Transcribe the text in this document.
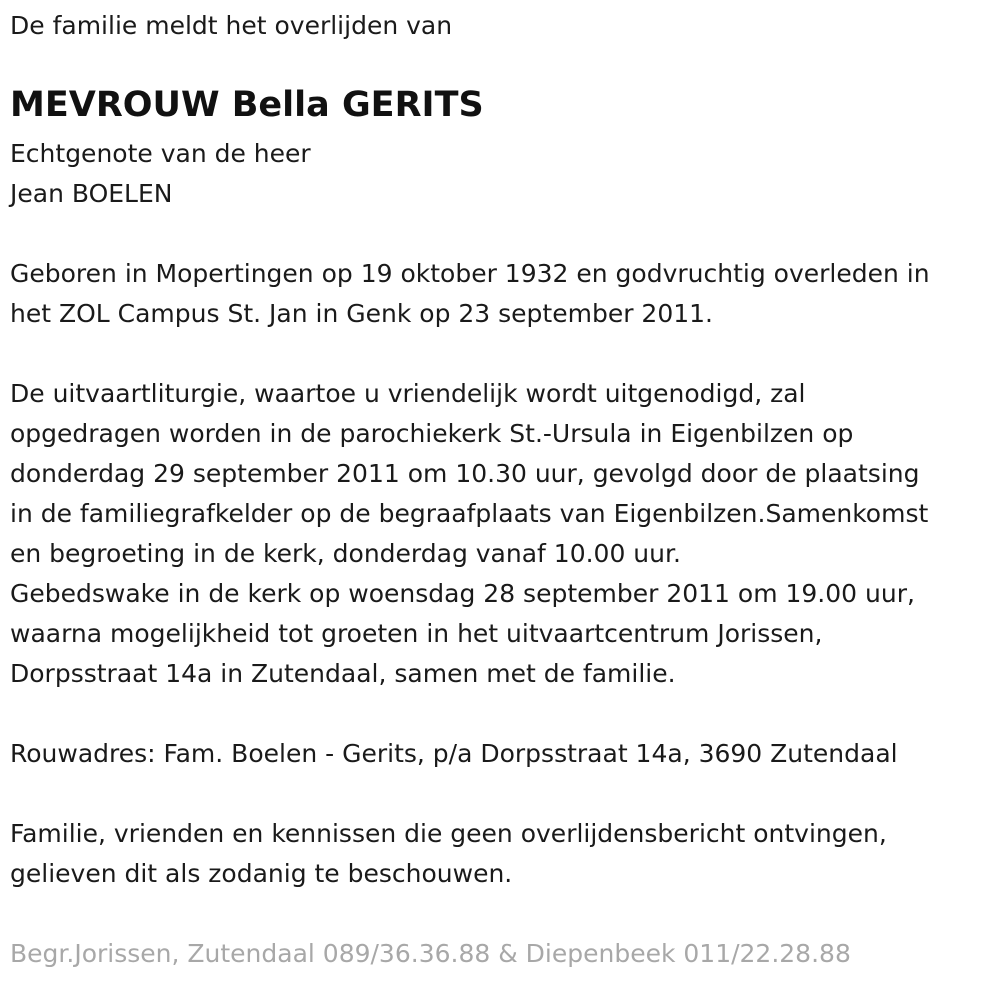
De familie meldt het overlijden van
MEVROUW Bella GERITS
Echtgenote van de heer
Jean BOELEN
Geboren in Mopertingen op 19 oktober 1932 en godvruchtig overleden in
het ZOL Campus St. Jan in Genk op 23 september 2011.
De uitvaartliturgie, waartoe u vriendelijk wordt uitgenodigd, zal
opgedragen worden in de parochiekerk St.-Ursula in Eigenbilzen op
donderdag 29 september 2011 om 10.30 uur, gevolgd door de plaatsing
in de familiegrafkelder op de begraafplaats van Eigenbilzen.Samenkomst
en begroeting in de kerk, donderdag vanaf 10.00 uur.
Gebedswake in de kerk op woensdag 28 september 2011 om 19.00 uur,
waarna mogelijkheid tot groeten in het uitvaartcentrum Jorissen,
Dorpsstraat 14a in Zutendaal, samen met de familie.
Rouwadres: Fam. Boelen - Gerits, p/a Dorpsstraat 14a, 3690 Zutendaal
Familie, vrienden en kennissen die geen overlijdensbericht ontvingen,
gelieven dit als zodanig te beschouwen.
Begr.Jorissen, Zutendaal 089/36.36.88 & Diepenbeek 011/22.28.88
